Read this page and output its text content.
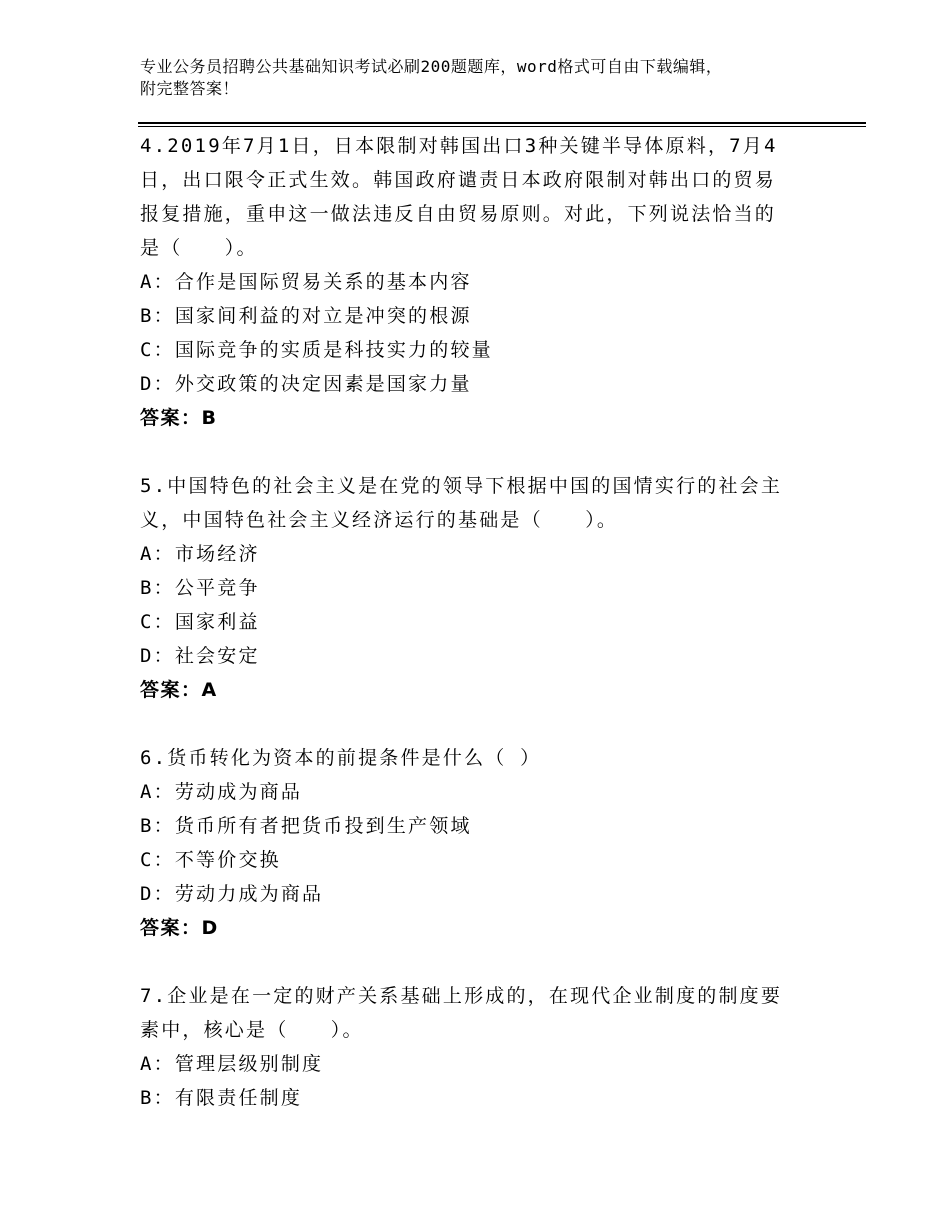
专业公务员招聘公共基础知识考试必刷200题题库，word格式可自由下载编辑，
附完整答案！

4.2019年7月1日，日本限制对韩国出口3种关键半导体原料，7月4

日，出口限令正式生效。韩国政府谴责日本政府限制对韩出口的贸易

报复措施，重申这一做法违反自由贸易原则。对此，下列说法恰当的

是（　　）。

A：合作是国际贸易关系的基本内容

B：国家间利益的对立是冲突的根源

C：国际竞争的实质是科技实力的较量

D：外交政策的决定因素是国家力量

答案：B

5.中国特色的社会主义是在党的领导下根据中国的国情实行的社会主

义，中国特色社会主义经济运行的基础是（　　）。

A：市场经济

B：公平竞争

C：国家利益

D：社会安定

答案：A

6.货币转化为资本的前提条件是什么（ ）

A：劳动成为商品

B：货币所有者把货币投到生产领域

C：不等价交换

D：劳动力成为商品

答案：D

7.企业是在一定的财产关系基础上形成的，在现代企业制度的制度要

素中，核心是（　　）。

A：管理层级别制度

B：有限责任制度
